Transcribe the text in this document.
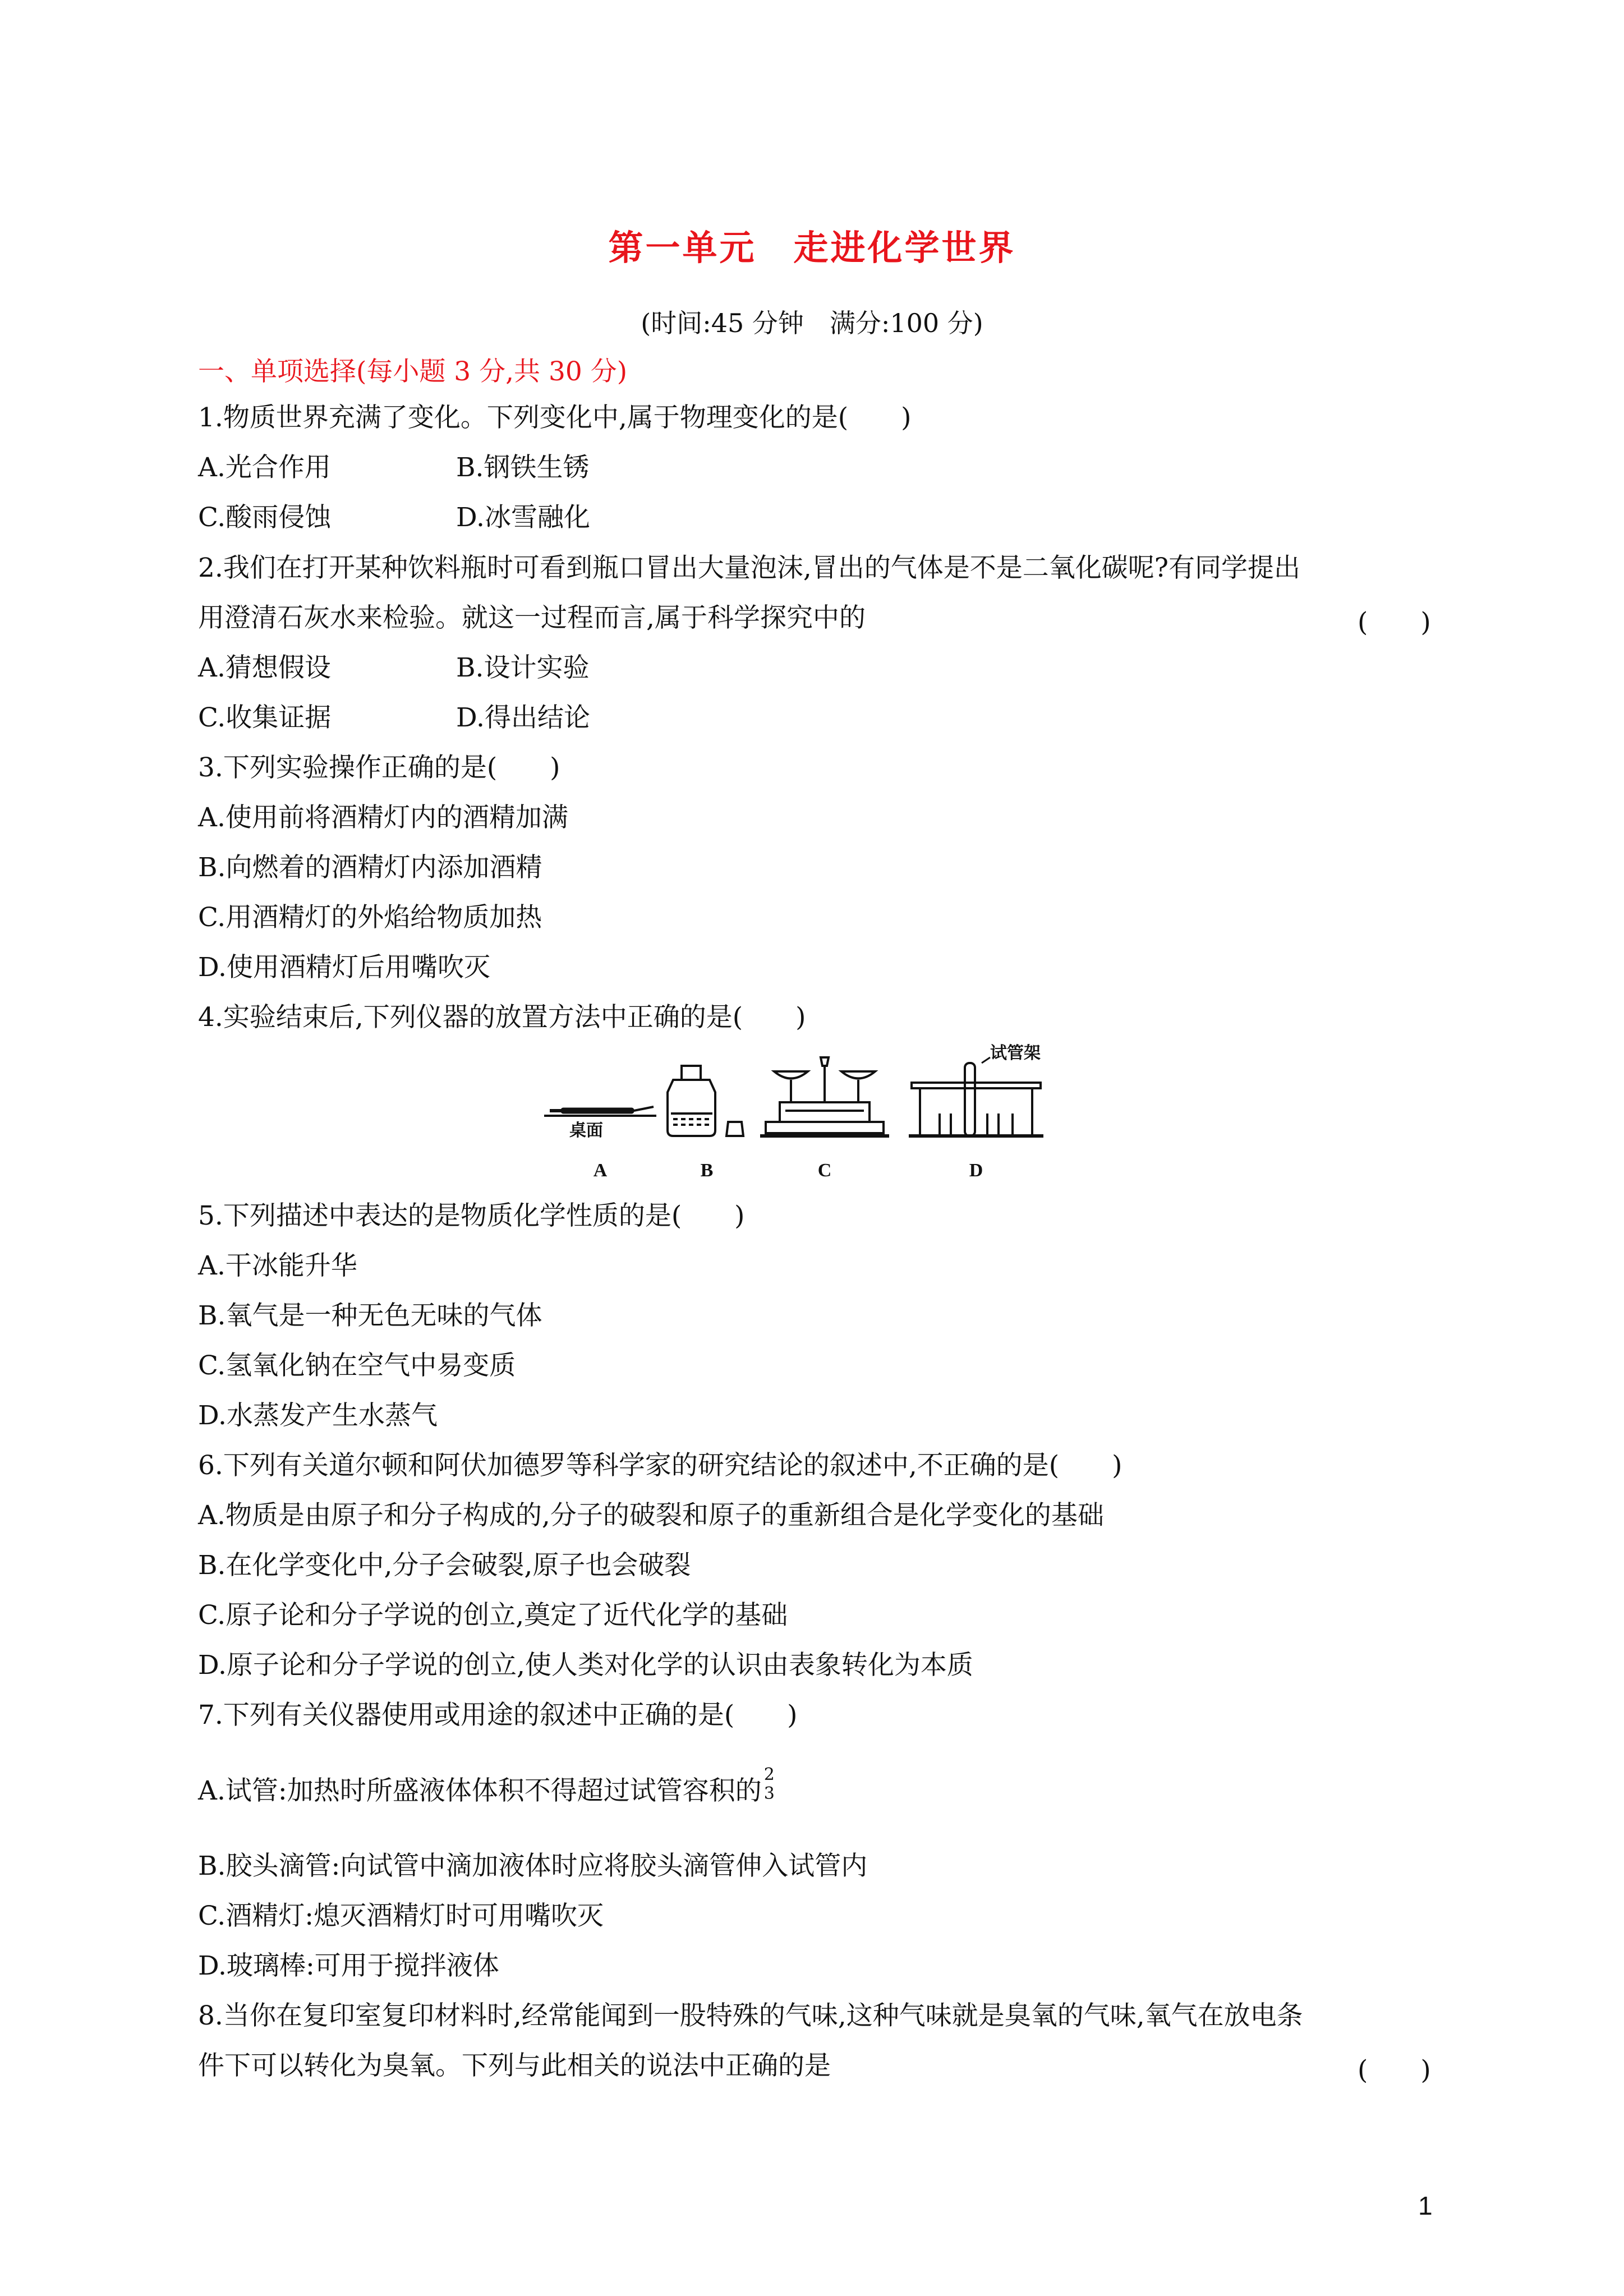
第一单元　走进化学世界
(时间:45 分钟　满分:100 分)
一、单项选择(每小题 3 分,共 30 分)
1.物质世界充满了变化。下列变化中,属于物理变化的是(　　)
A.光合作用	B.钢铁生锈
C.酸雨侵蚀	D.冰雪融化
2.我们在打开某种饮料瓶时可看到瓶口冒出大量泡沫,冒出的气体是不是二氧化碳呢?有同学提出
用澄清石灰水来检验。就这一过程而言,属于科学探究中的	(　　)
A.猜想假设	B.设计实验
C.收集证据	D.得出结论
3.下列实验操作正确的是(　　)
A.使用前将酒精灯内的酒精加满
B.向燃着的酒精灯内添加酒精
C.用酒精灯的外焰给物质加热
D.使用酒精灯后用嘴吹灭
4.实验结束后,下列仪器的放置方法中正确的是(　　)
桌面
试管架
A	B	C	D
5.下列描述中表达的是物质化学性质的是(　　)
A.干冰能升华
B.氧气是一种无色无味的气体
C.氢氧化钠在空气中易变质
D.水蒸发产生水蒸气
6.下列有关道尔顿和阿伏加德罗等科学家的研究结论的叙述中,不正确的是(　　)
A.物质是由原子和分子构成的,分子的破裂和原子的重新组合是化学变化的基础
B.在化学变化中,分子会破裂,原子也会破裂
C.原子论和分子学说的创立,奠定了近代化学的基础
D.原子论和分子学说的创立,使人类对化学的认识由表象转化为本质
7.下列有关仪器使用或用途的叙述中正确的是(　　)
A.试管:加热时所盛液体体积不得超过试管容积的
2
3
B.胶头滴管:向试管中滴加液体时应将胶头滴管伸入试管内
C.酒精灯:熄灭酒精灯时可用嘴吹灭
D.玻璃棒:可用于搅拌液体
8.当你在复印室复印材料时,经常能闻到一股特殊的气味,这种气味就是臭氧的气味,氧气在放电条
件下可以转化为臭氧。下列与此相关的说法中正确的是	(　　)
1
